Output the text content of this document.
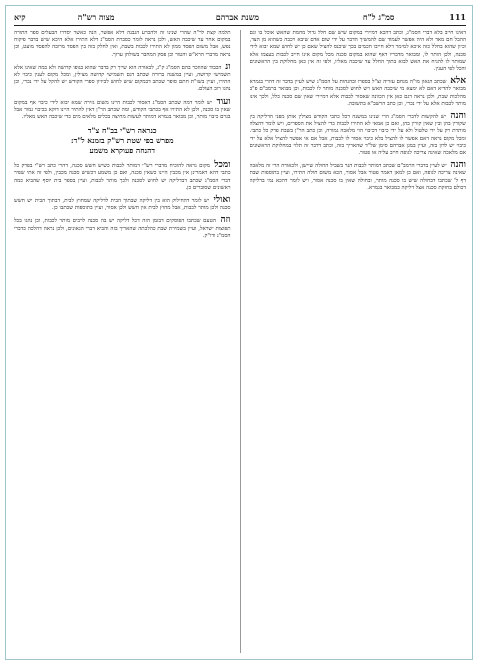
111
סמ"ג ל"ח
משנת אברהם
מצוה רש"ה
קיא

דאינו חייב בלא דברי הסמ"ג, וכתב דהכא דמיירי במקום שיש שם חלל גדול מחמת שהאש אוכל בו וגם ההבל חם מאד ולא היה אפשר לעמוד שם להמשיך הדבר על ידי שום אדם שיבא ויכבה כשהוא מן הצד, וכיון שהוא בחלל כזה איכא למימר דלא חייבו חכמים בכך שיכנס להציל שאם כן יש לחוש שמא יבוא לידי סכנה, ולכן הותר לו, ומבואר מדבריו דאף שהוא במקום סכנה מכל מקום אינו חייב לכבות בעצמו אלא שמותר לו להניח את האש לבוא בתוך החלל עד שיכבה מאליו, ולפי זה אין כאן מחלוקת בין הראשונים והכל לפי הענין.

אלא שכתב הגאון מו"ה מנחם עזריה זצ"ל בספרו ובהגהות על הסמ"ג שיש לעיין בדבר זה דהרי בגמרא מבואר להדיא דאם לא ימצא מי שיכבה האש ויש לחוש לסכנה מותר לו לכבות, וכן מבואר ברמב"ם פ"ב מהלכות שבת, ולכן נראה דגם כאן אין הכוונה שאסור לכבות אלא דמיירי שאין שם סכנה כלל, ולכך אינו מותר לכבות אלא על ידי נכרי, וכן כתב הרשב"א בתשובה.

והנה יש להקשות לדברי הסמ"ג הרי שנינו במשנה דכל כתבי הקודש מצילין אותן מפני הדליקה בין שקורין בהן ובין שאין קורין בהן, ואם כן אמאי לא התירו לכבות כדי להציל את הספרים, ויש לומר דהצלה מותרת רק על ידי טלטול ולא על ידי כיבוי דכיבוי הוי מלאכה גמורה, וכן כתב הר"ן בשבת פרק כל כתבי. ומכל מקום נראה דאם אפשר לו להציל בלא כיבוי אסור לו לכבות, אבל אם אי אפשר להציל אלא על ידי כיבוי יש לדון בזה, ועיין במגן אברהם סימן של"ד שהאריך בזה, וכתב דדבר זה תלוי במחלוקת הראשונים אם מלאכה שאינה צריכה לגופה חייב עליה או פטור.

והנה יש לעיין בדברי הרמב"ם שכתב דמותר לכבות הנר בשביל החולה שיישן, ולכאורה הרי זה מלאכה שאינה צריכה לגופה, ואם כן למאן דאמר פטור אבל אסור, הכא משום חולה התירו, ועיין בתוספות שבת דף ל' שכתבו דבחולה שיש בו סכנה מותר, ובחולה שאין בו סכנה אסור, ויש לומר דהכא נמי בדליקה דכולם בחזקת סכנה אצל דליקה כמבואר בגמרא.

תלמה קצת לר"ה שהרי שנינו זה ולהכרע הגבנה דלא אפשר, הנה כאשר יסדרו הבעלים ספר התורה במקום אחר עד שיכבה האש, ולכן נראה לומר כסברת הסמ"ג דלא התירו אלא היכא שיש בדבר פיקוח נפש, אבל משום הפסד ממון לא התירו לכבות בשבת, ואין לחלק בזה בין הפסד מרובה להפסד מועט, וכן נראה מדברי הרא"ש והטור וכן פסק המחבר בשולחן ערוך.

ונ הכבוד שהוזכר בהם הסמ"ג ק"ג, לכאורה הוא שייך רק בדבר שהוא בגופו קדושה ולא במה שאינו אלא תשמישי קדושה, ועיין במשנה ברורה שכתב דגם תשמישי קדושה מצילין, ומכל מקום לענין כיבוי לא התירו, ועיין בשו"ת חתם סופר שכתב דבמקום שיש לחוש לביזיון ספרי הקודש יש להקל על ידי נכרי, וכן נהגו רוב העולם.

ועוד יש לומר דמה שכתב הסמ"ג דאסור לכבות היינו משום גזירה שמא יבוא לידי כיבוי אף במקום שאין בו סכנה, ולכן לא התירו אף בכתבי הקודש, ומה שכתב הר"ן דאין להתיר היינו דוקא בכיבוי גמור אבל בגרם כיבוי מותר, וכן מבואר בגמרא דמותר לעשות מחיצה בכלים מלאים מים כדי שיכבה האש מאליו.

כנראה רש"י בב"ח צ"ד
מפרש בפי שטת רש"ק בזמנא ל"ד:
דהנחה פעוקרא משמע

ומכל מקום נראה להוכיח מדברי רש"י דמותר לכבות כשיש חשש סכנה, דהרי כתב רש"י בפרק כל כתבי דהא דאמרינן אין מכבין היינו כשאין סכנה, ואם כן משמע דכשיש סכנה מכבין, ולפי זה אתי שפיר דברי הסמ"ג שכתב דבדליקה יש לחוש לסכנה ולכך מותר לכבות, ועיין בספר בית יוסף שהביא כמה ראשונים שסוברים כן.

ואולי יש לומר דהחילוק הוא בין דליקה שבתוך הבית לדליקה שמחוץ לבית, דבתוך הבית יש חשש סכנה ולכן מותר לכבות, אבל מחוץ לבית אין חשש ולכן אסור, ועיין בתוספות שכתבו כן.

וזה הטעם שכתבו הפוסקים דבזמן הזה דכל דליקה יש בה סכנה לרבים מותר לכבות, וכן נהגו בכל תפוצות ישראל, ועיין בשמירת שבת כהלכתה שהאריך בזה והביא דברי הגאונים, ולכן נראה דהלכה כדברי הסמ"ג ודו"ק.
